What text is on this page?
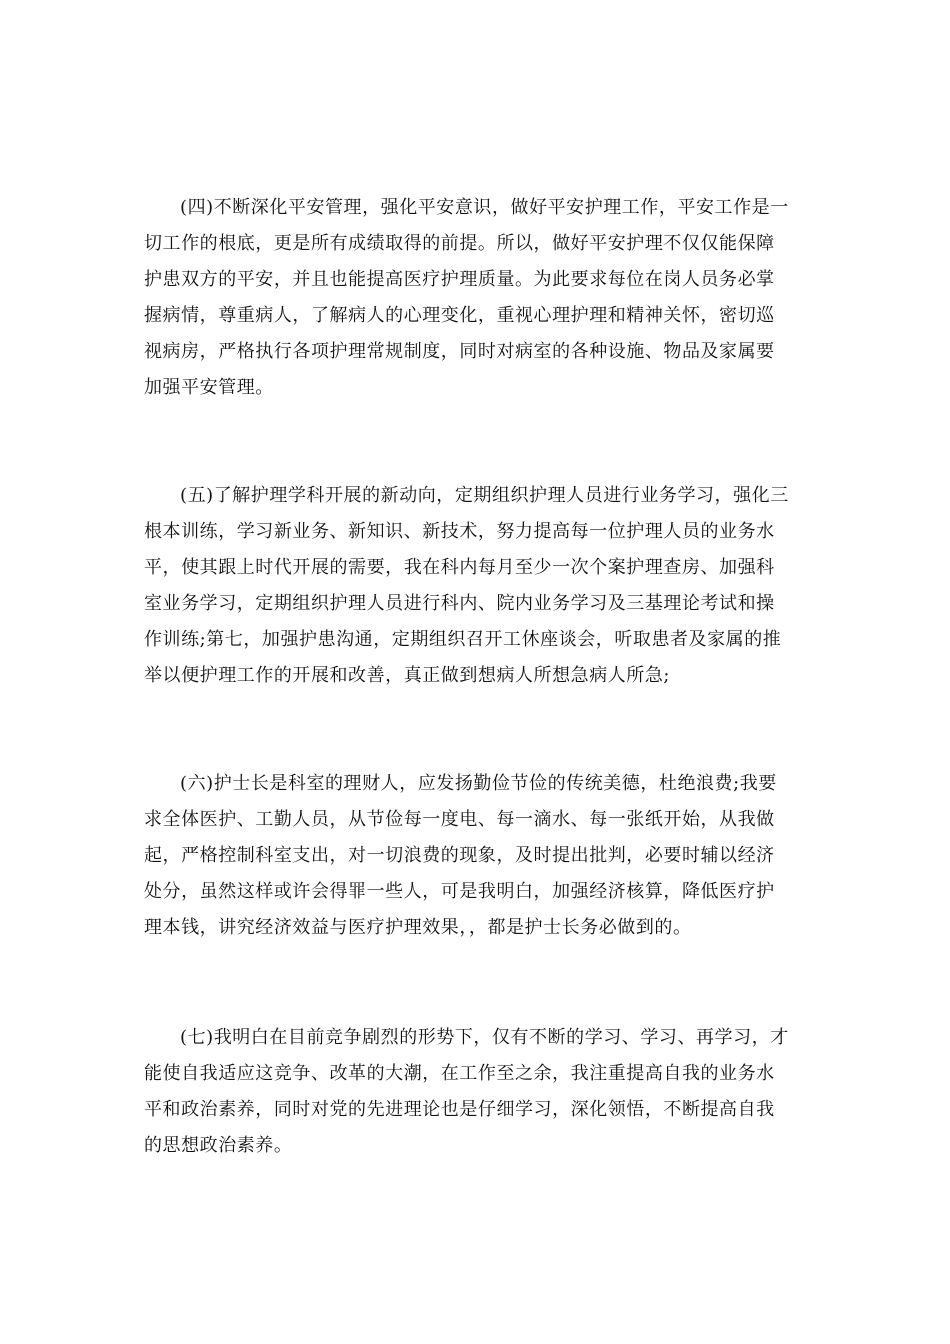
(四)不断深化平安管理，强化平安意识，做好平安护理工作，平安工作是一
切工作的根底，更是所有成绩取得的前提。所以，做好平安护理不仅仅能保障
护患双方的平安，并且也能提高医疗护理质量。为此要求每位在岗人员务必掌
握病情，尊重病人，了解病人的心理变化，重视心理护理和精神关怀，密切巡
视病房，严格执行各项护理常规制度，同时对病室的各种设施、物品及家属要
加强平安管理。
(五)了解护理学科开展的新动向，定期组织护理人员进行业务学习，强化三
根本训练，学习新业务、新知识、新技术，努力提高每一位护理人员的业务水
平，使其跟上时代开展的需要，我在科内每月至少一次个案护理查房、加强科
室业务学习，定期组织护理人员进行科内、院内业务学习及三基理论考试和操
作训练;第七，加强护患沟通，定期组织召开工休座谈会，听取患者及家属的推
举以便护理工作的开展和改善，真正做到想病人所想急病人所急;
(六)护士长是科室的理财人，应发扬勤俭节俭的传统美德，杜绝浪费;我要
求全体医护、工勤人员，从节俭每一度电、每一滴水、每一张纸开始，从我做
起，严格控制科室支出，对一切浪费的现象，及时提出批判，必要时辅以经济
处分，虽然这样或许会得罪一些人，可是我明白，加强经济核算，降低医疗护
理本钱，讲究经济效益与医疗护理效果，，都是护士长务必做到的。
(七)我明白在目前竞争剧烈的形势下，仅有不断的学习、学习、再学习，才
能使自我适应这竞争、改革的大潮，在工作至之余，我注重提高自我的业务水
平和政治素养，同时对党的先进理论也是仔细学习，深化领悟，不断提高自我
的思想政治素养。
